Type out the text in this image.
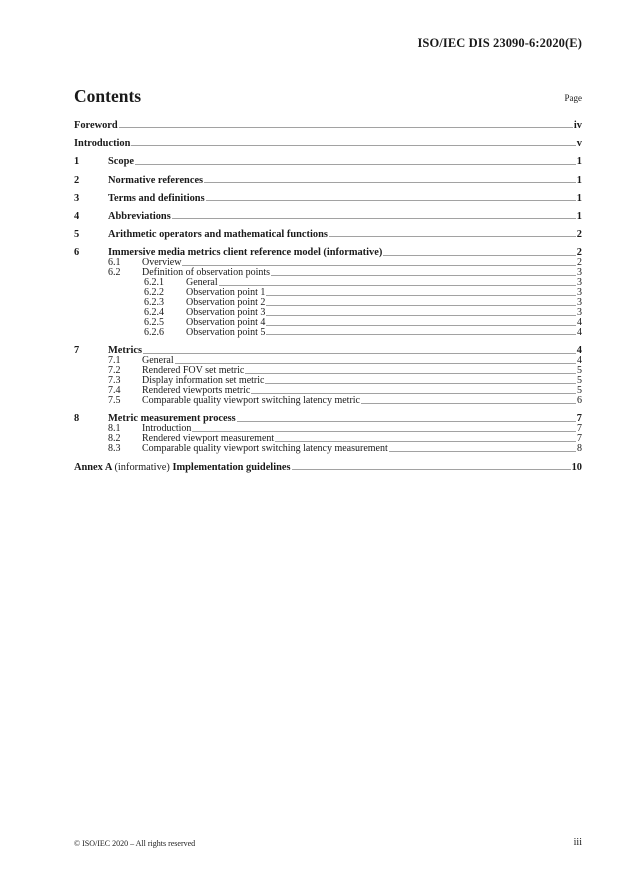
ISO/IEC DIS 23090-6:2020(E)
Contents	Page
Foreword	iv
Introduction	v
1	Scope	1
2	Normative references	1
3	Terms and definitions	1
4	Abbreviations	1
5	Arithmetic operators and mathematical functions	2
6	Immersive media metrics client reference model (informative)	2
6.1	Overview	2
6.2	Definition of observation points	3
6.2.1	General	3
6.2.2	Observation point 1	3
6.2.3	Observation point 2	3
6.2.4	Observation point 3	3
6.2.5	Observation point 4	4
6.2.6	Observation point 5	4
7	Metrics	4
7.1	General	4
7.2	Rendered FOV set metric	5
7.3	Display information set metric	5
7.4	Rendered viewports metric	5
7.5	Comparable quality viewport switching latency metric	6
8	Metric measurement process	7
8.1	Introduction	7
8.2	Rendered viewport measurement	7
8.3	Comparable quality viewport switching latency measurement	8
Annex A (informative) Implementation guidelines	10
© ISO/IEC 2020 – All rights reserved	iii
